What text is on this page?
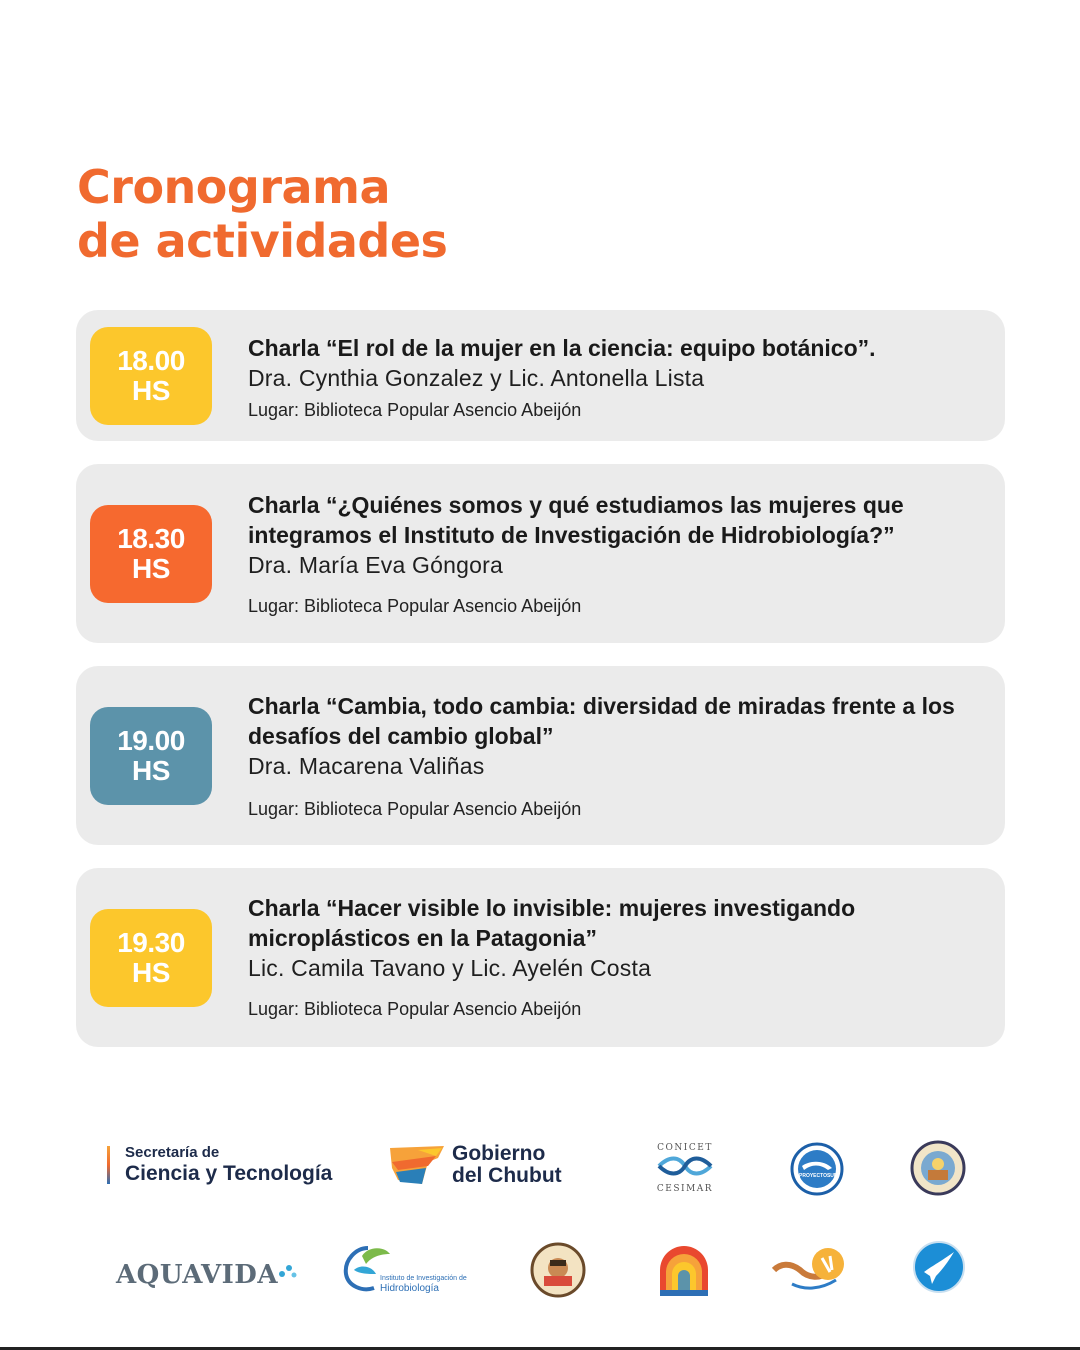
Cronograma
de actividades
18.00
HS
Charla “El rol de la mujer en la ciencia: equipo botánico”.
Dra. Cynthia Gonzalez y Lic. Antonella Lista
Lugar: Biblioteca Popular Asencio Abeijón
18.30
HS
Charla “¿Quiénes somos y qué estudiamos las mujeres que integramos el Instituto de Investigación de Hidrobiología?”
Dra. María Eva Góngora
Lugar: Biblioteca Popular Asencio Abeijón
19.00
HS
Charla “Cambia, todo cambia: diversidad de miradas frente a los desafíos del cambio global”
Dra. Macarena Valiñas
Lugar: Biblioteca Popular Asencio Abeijón
19.30
HS
Charla “Hacer visible lo invisible: mujeres investigando microplásticos en la Patagonia”
Lic. Camila Tavano y Lic. Ayelén Costa
Lugar: Biblioteca Popular Asencio Abeijón
Secretaría de
Ciencia y Tecnología
Gobierno
del Chubut
CONICET
CESIMAR
PROYECTOSUR
AQUAVIDA	Instituto de Investigación de
Hidrobiología
